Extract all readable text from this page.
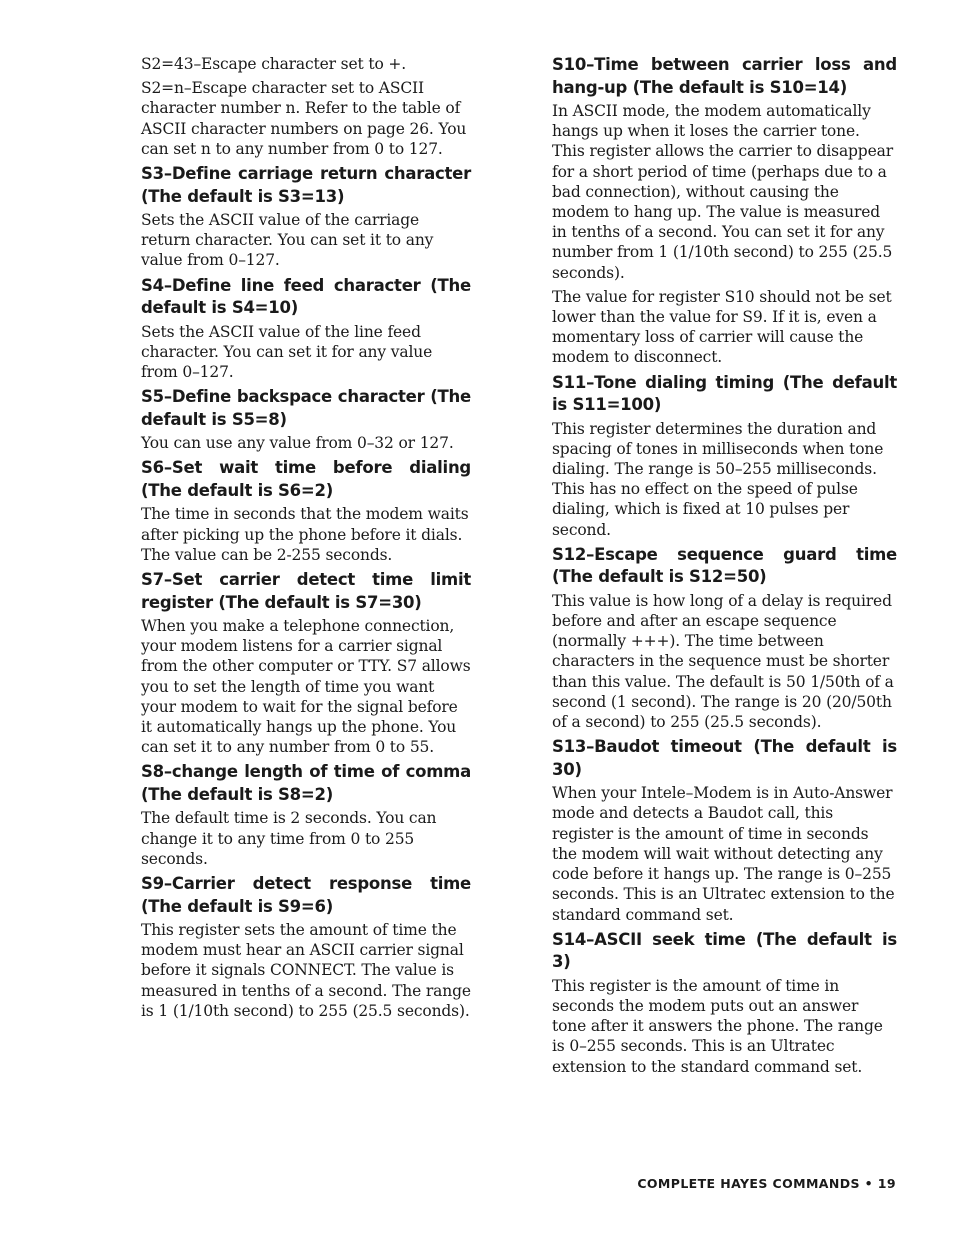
S2=43–Escape character set to +.

S2=n–Escape character set to ASCII character number n. Refer to the table of ASCII character numbers on page 26. You can set n to any number from 0 to 127.

S3–Define carriage return character (The default is S3=13)

Sets the ASCII value of the carriage return character. You can set it to any value from 0–127.

S4–Define line feed character (The default is S4=10)

Sets the ASCII value of the line feed character. You can set it for any value from 0–127.

S5–Define backspace character (The default is S5=8)

You can use any value from 0–32 or 127.

S6–Set wait time before dialing (The default is S6=2)

The time in seconds that the modem waits after picking up the phone before it dials. The value can be 2-255 seconds.

S7–Set carrier detect time limit register (The default is S7=30)

When you make a telephone connection, your modem listens for a carrier signal from the other computer or TTY. S7 allows you to set the length of time you want your modem to wait for the signal before it automatically hangs up the phone. You can set it to any number from 0 to 55.

S8–change length of time of comma (The default is S8=2)

The default time is 2 seconds. You can change it to any time from 0 to 255 seconds.

S9–Carrier detect response time (The default is S9=6)

This register sets the amount of time the modem must hear an ASCII carrier signal before it signals CONNECT. The value is measured in tenths of a second. The range is 1 (1/10th second) to 255 (25.5 seconds).

S10–Time between carrier loss and hang-up (The default is S10=14)

In ASCII mode, the modem automatically hangs up when it loses the carrier tone. This register allows the carrier to disappear for a short period of time (perhaps due to a bad connection), without causing the modem to hang up. The value is measured in tenths of a second. You can set it for any number from 1 (1/10th second) to 255 (25.5 seconds).

The value for register S10 should not be set lower than the value for S9. If it is, even a momentary loss of carrier will cause the modem to disconnect.

S11–Tone dialing timing (The default is S11=100)

This register determines the duration and spacing of tones in milliseconds when tone dialing. The range is 50–255 milliseconds. This has no effect on the speed of pulse dialing, which is fixed at 10 pulses per second.

S12–Escape sequence guard time (The default is S12=50)

This value is how long of a delay is required before and after an escape sequence (normally +++). The time between characters in the sequence must be shorter than this value. The default is 50 1/50th of a second (1 second). The range is 20 (20/50th of a second) to 255 (25.5 seconds).

S13–Baudot timeout (The default is 30)

When your Intele–Modem is in Auto-Answer mode and detects a Baudot call, this register is the amount of time in seconds the modem will wait without detecting any code before it hangs up. The range is 0–255 seconds. This is an Ultratec extension to the standard command set.

S14–ASCII seek time (The default is 3)

This register is the amount of time in seconds the modem puts out an answer tone after it answers the phone. The range is 0–255 seconds. This is an Ultratec extension to the standard command set.

COMPLETE HAYES COMMANDS • 19
